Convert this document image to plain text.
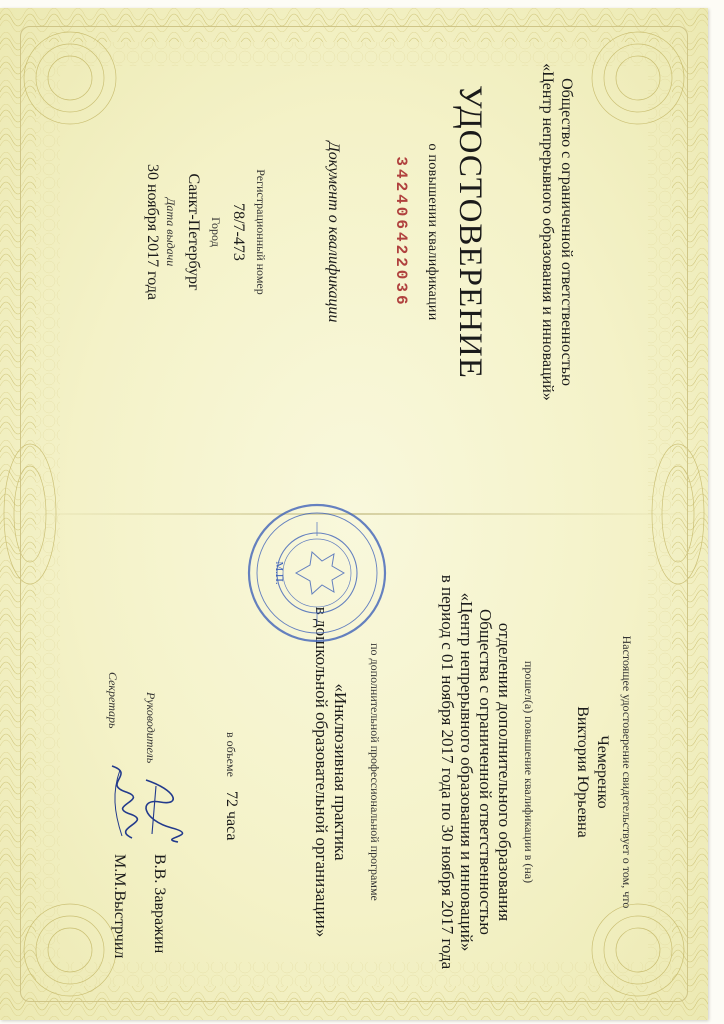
Общество с ограниченной ответственностью
«Центр непрерывного образования и инноваций»
УДОСТОВЕРЕНИЕ
о повышении квалификации
342406422036
Документ о квалификации
Регистрационный номер
78/7-473
Город
Санкт-Петербург
Дата выдачи
30 ноября 2017 года
Настоящее удостоверение свидетельствует о том, что
Чемеренко
Виктория Юрьевна
прошел(а) повышение квалификации в (на)
отделении дополнительного образования
Общества с ограниченной ответственностью
«Центр непрерывного образования и инноваций»
в период с 01 ноября 2017 года по 30 ноября 2017 года
по дополнительной профессиональной программе
«Инклюзивная практика
в дошкольной образовательной организации»
в объеме 72 часа
Руководитель
В.В. Завражин
Секретарь
М.М.Выстрчил
М.П.
